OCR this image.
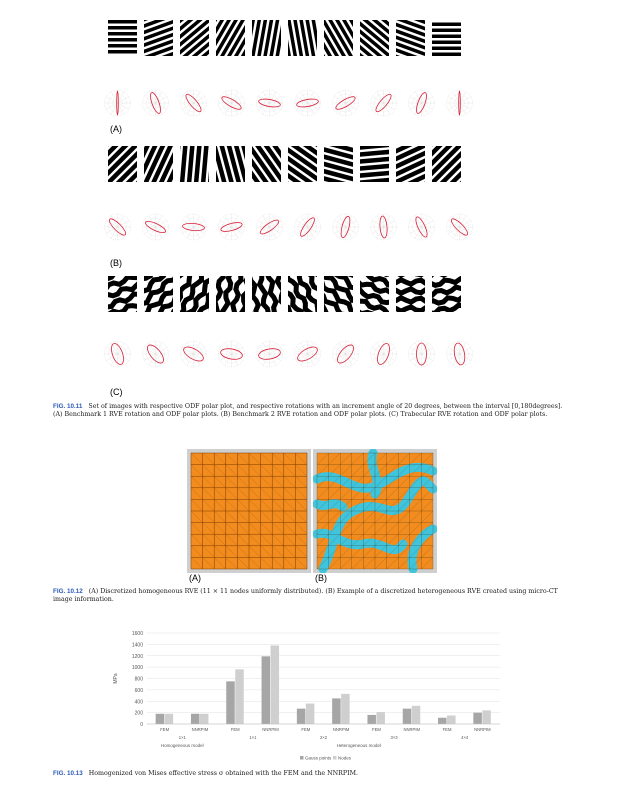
(A)
(B)
(C)
FIG. 10.11 Set of images with respective ODF polar plot, and respective rotations with an increment angle of 20 degrees, between the interval [0,180degrees]. (A) Benchmark 1 RVE rotation and ODF polar plots. (B) Benchmark 2 RVE rotation and ODF polar plots. (C) Trabecular RVE rotation and ODF polar plots.
(A)	(B)
FIG. 10.12 (A) Discretized homogeneous RVE (11 × 11 nodes uniformly distributed). (B) Example of a discretized heterogeneous RVE created using micro-CT image information.
0
200
400
600
800
1000
1200
1400
1600
MPa
FEM	NNRPIM	FEM	NNRPIM	FEM	NNRPIM	FEM	NNRPIM	FEM	NNRPIM
1×1	1×1	2×2	3×3	4×4
Homogeneous model	Heterogeneous model
Gauss points Nodes
FIG. 10.13 Homogenized von Mises effective stress σ obtained with the FEM and the NNRPIM.
